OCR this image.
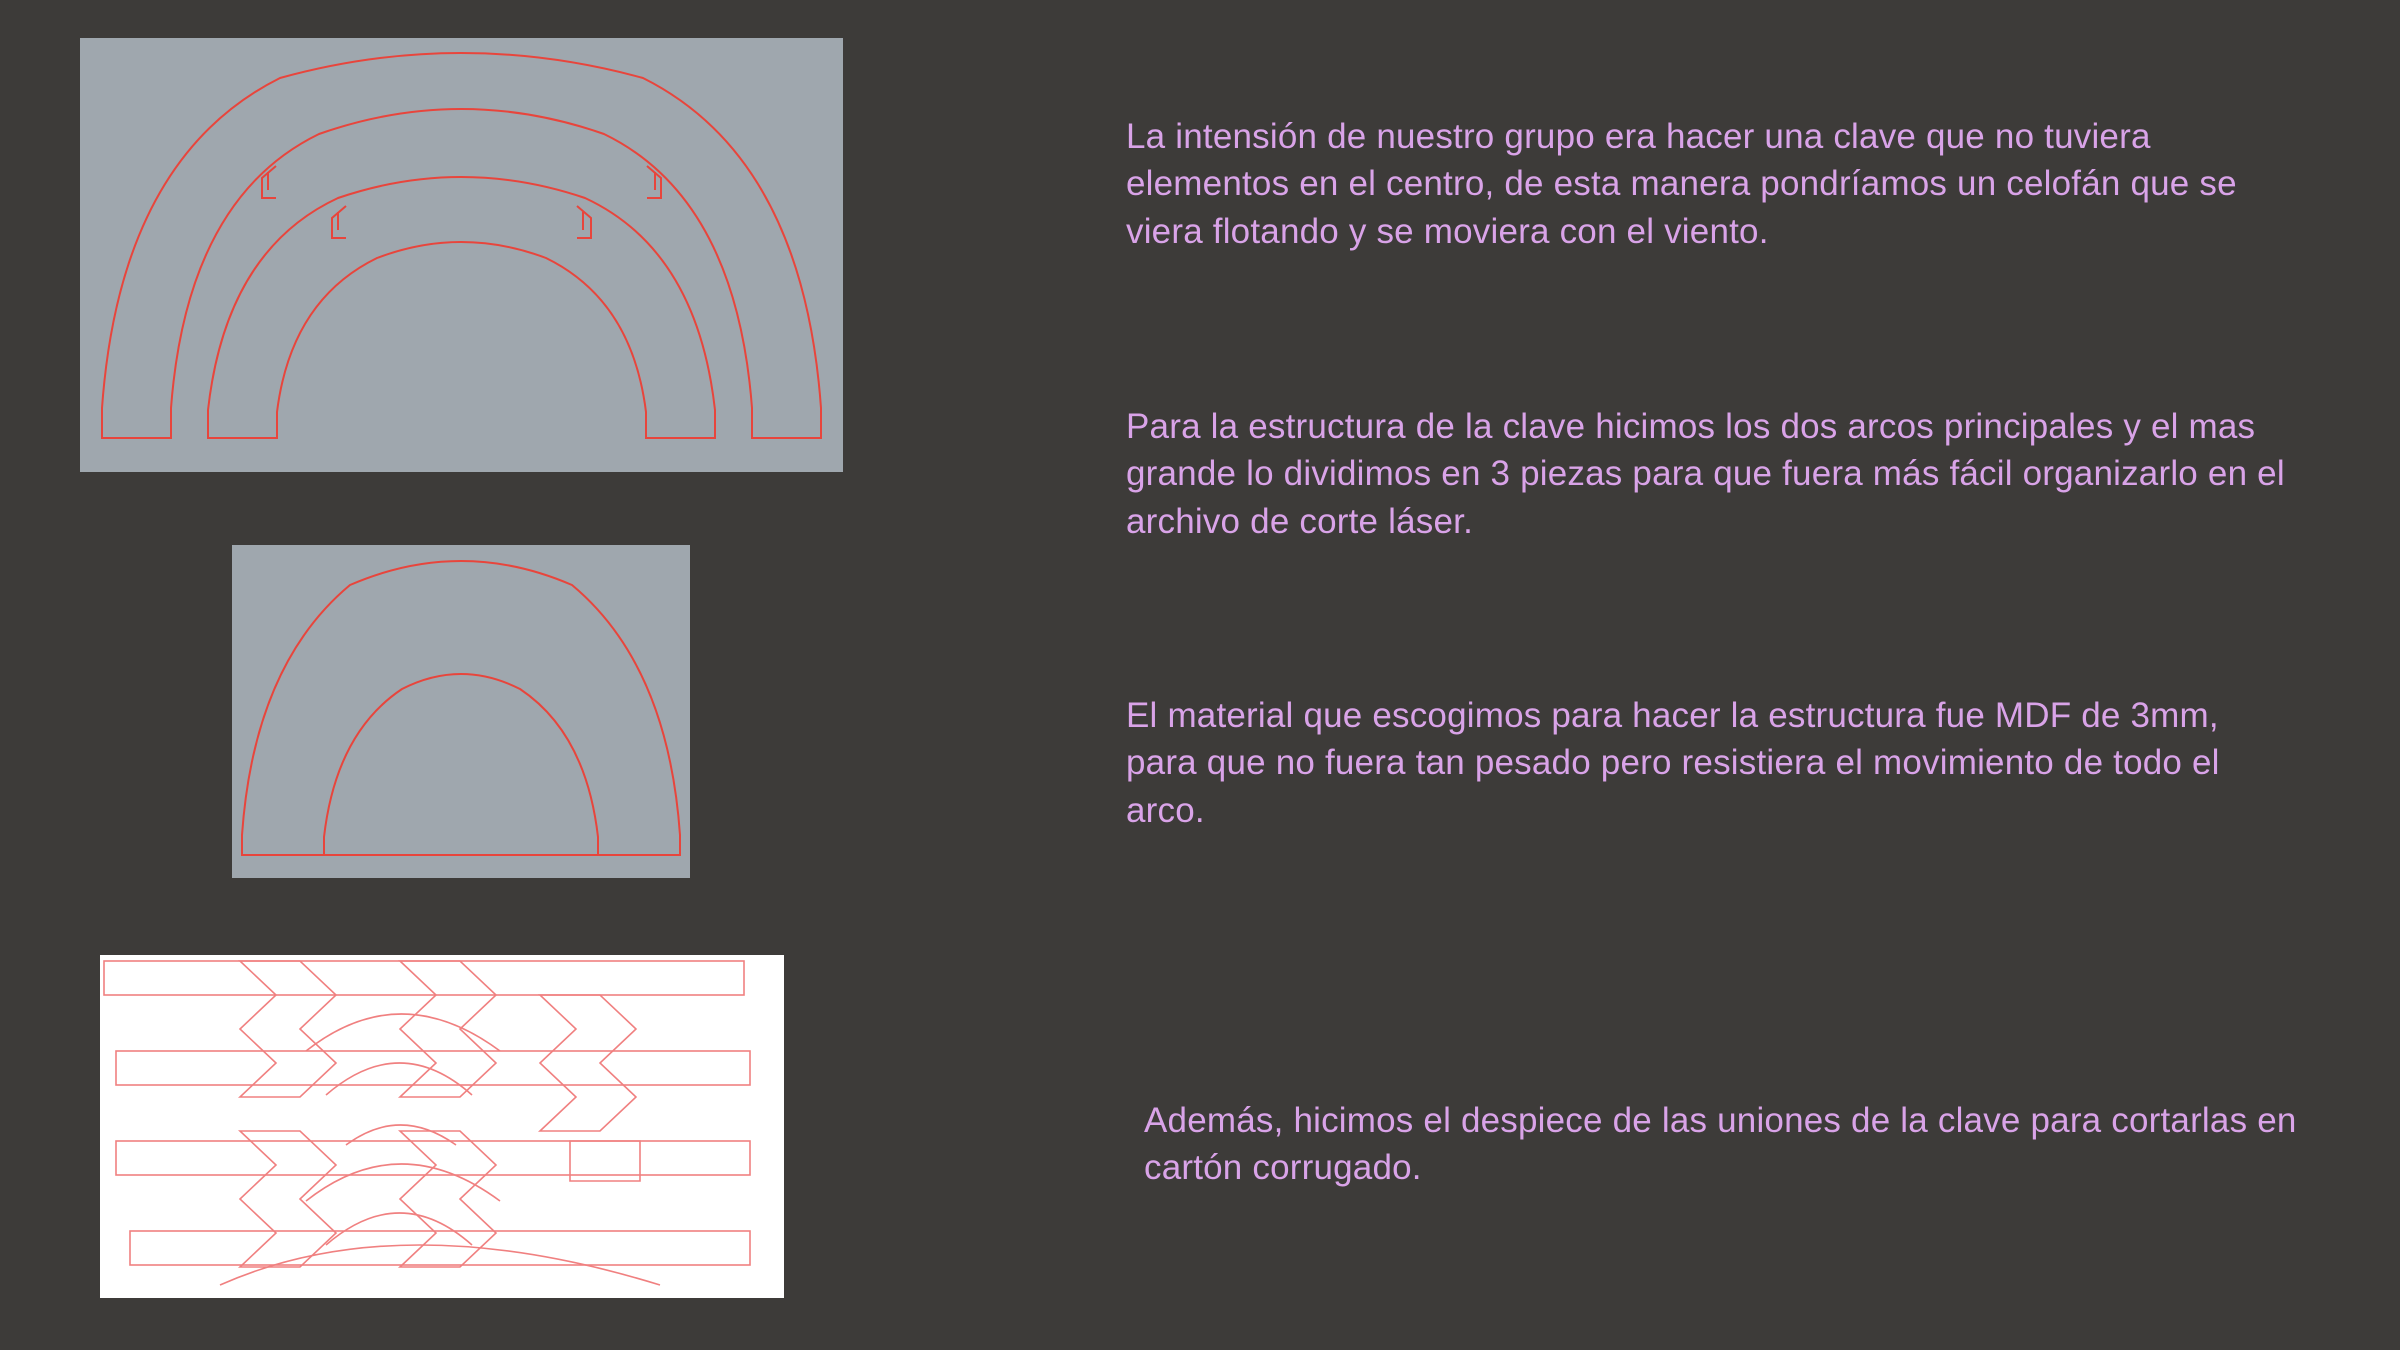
La intensión de nuestro grupo era hacer una clave que no tuviera elementos en el centro, de esta manera pondríamos un celofán que se viera flotando y se moviera con el viento.

Para la estructura de la clave hicimos los dos arcos principales y el mas grande lo dividimos en 3 piezas para que fuera más fácil organizarlo en el archivo de corte láser.

El material que escogimos para hacer la estructura fue MDF de 3mm, para que no fuera tan pesado pero resistiera el movimiento de todo el arco.

Además, hicimos el despiece de las uniones de la clave para cortarlas en cartón corrugado.
